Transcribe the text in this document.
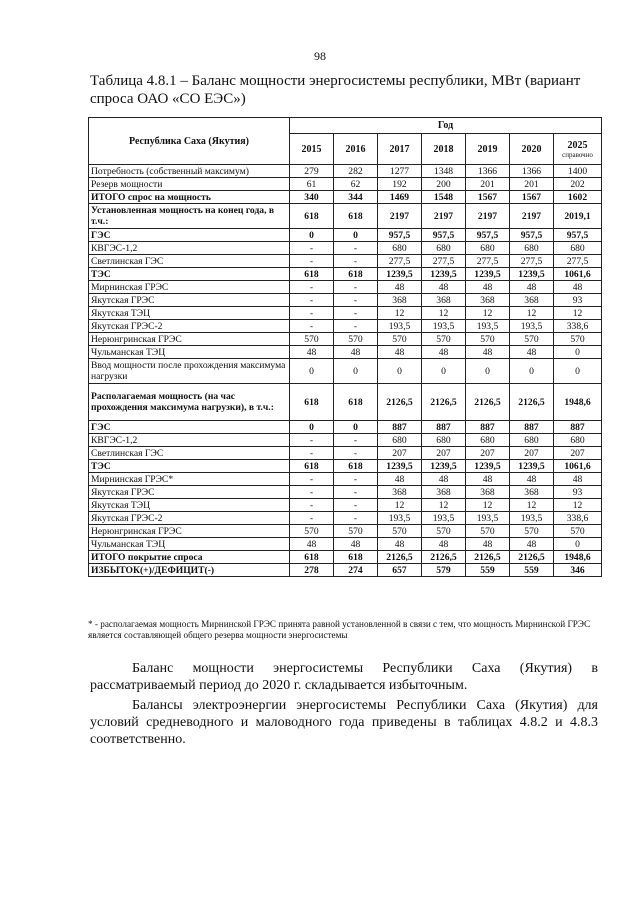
98
Таблица 4.8.1 – Баланс мощности энергосистемы республики, МВт (вариант спроса ОАО «СО ЕЭС»)
Республика Саха (Якутия)	Год						
	2015	2016	2017	2018	2019	2020	2025
справочно

Потребность (собственный максимум)	279	282	1277	1348	1366	1366	1400
Резерв мощности	61	62	192	200	201	201	202
ИТОГО спрос на мощность	340	344	1469	1548	1567	1567	1602
Установленная мощность на конец года, в т.ч.:	618	618	2197	2197	2197	2197	2019,1
ГЭС	0	0	957,5	957,5	957,5	957,5	957,5
КВГЭС-1,2	-	-	680	680	680	680	680
Светлинская ГЭС	-	-	277,5	277,5	277,5	277,5	277,5
ТЭС	618	618	1239,5	1239,5	1239,5	1239,5	1061,6
Мирнинская ГРЭС	-	-	48	48	48	48	48
Якутская ГРЭС	-	-	368	368	368	368	93
Якутская ТЭЦ	-	-	12	12	12	12	12
Якутская ГРЭС-2	-	-	193,5	193,5	193,5	193,5	338,6
Нерюнгринская ГРЭС	570	570	570	570	570	570	570
Чульманская ТЭЦ	48	48	48	48	48	48	0
Ввод мощности после прохождения максимума нагрузки	0	0	0	0	0	0	0
Располагаемая мощность (на час прохождения максимума нагрузки), в т.ч.:	618	618	2126,5	2126,5	2126,5	2126,5	1948,6
ГЭС	0	0	887	887	887	887	887
КВГЭС-1,2	-	-	680	680	680	680	680
Светлинская ГЭС	-	-	207	207	207	207	207
ТЭС	618	618	1239,5	1239,5	1239,5	1239,5	1061,6
Мирнинская ГРЭС*	-	-	48	48	48	48	48
Якутская ГРЭС	-	-	368	368	368	368	93
Якутская ТЭЦ	-	-	12	12	12	12	12
Якутская ГРЭС-2	-	-	193,5	193,5	193,5	193,5	338,6
Нерюнгринская ГРЭС	570	570	570	570	570	570	570
Чульманская ТЭЦ	48	48	48	48	48	48	0
ИТОГО покрытие спроса	618	618	2126,5	2126,5	2126,5	2126,5	1948,6
ИЗБЫТОК(+)/ДЕФИЦИТ(-)	278	274	657	579	559	559	346
* - располагаемая мощность Мирнинской ГРЭС принята равной установленной в связи с тем, что мощность Мирнинской ГРЭС является составляющей общего резерва мощности энергосистемы
Баланс мощности энергосистемы Республики Саха (Якутия) в рассматриваемый период до 2020 г. складывается избыточным.
Балансы электроэнергии энергосистемы Республики Саха (Якутия) для условий средневодного и маловодного года приведены в таблицах 4.8.2 и 4.8.3 соответственно.
